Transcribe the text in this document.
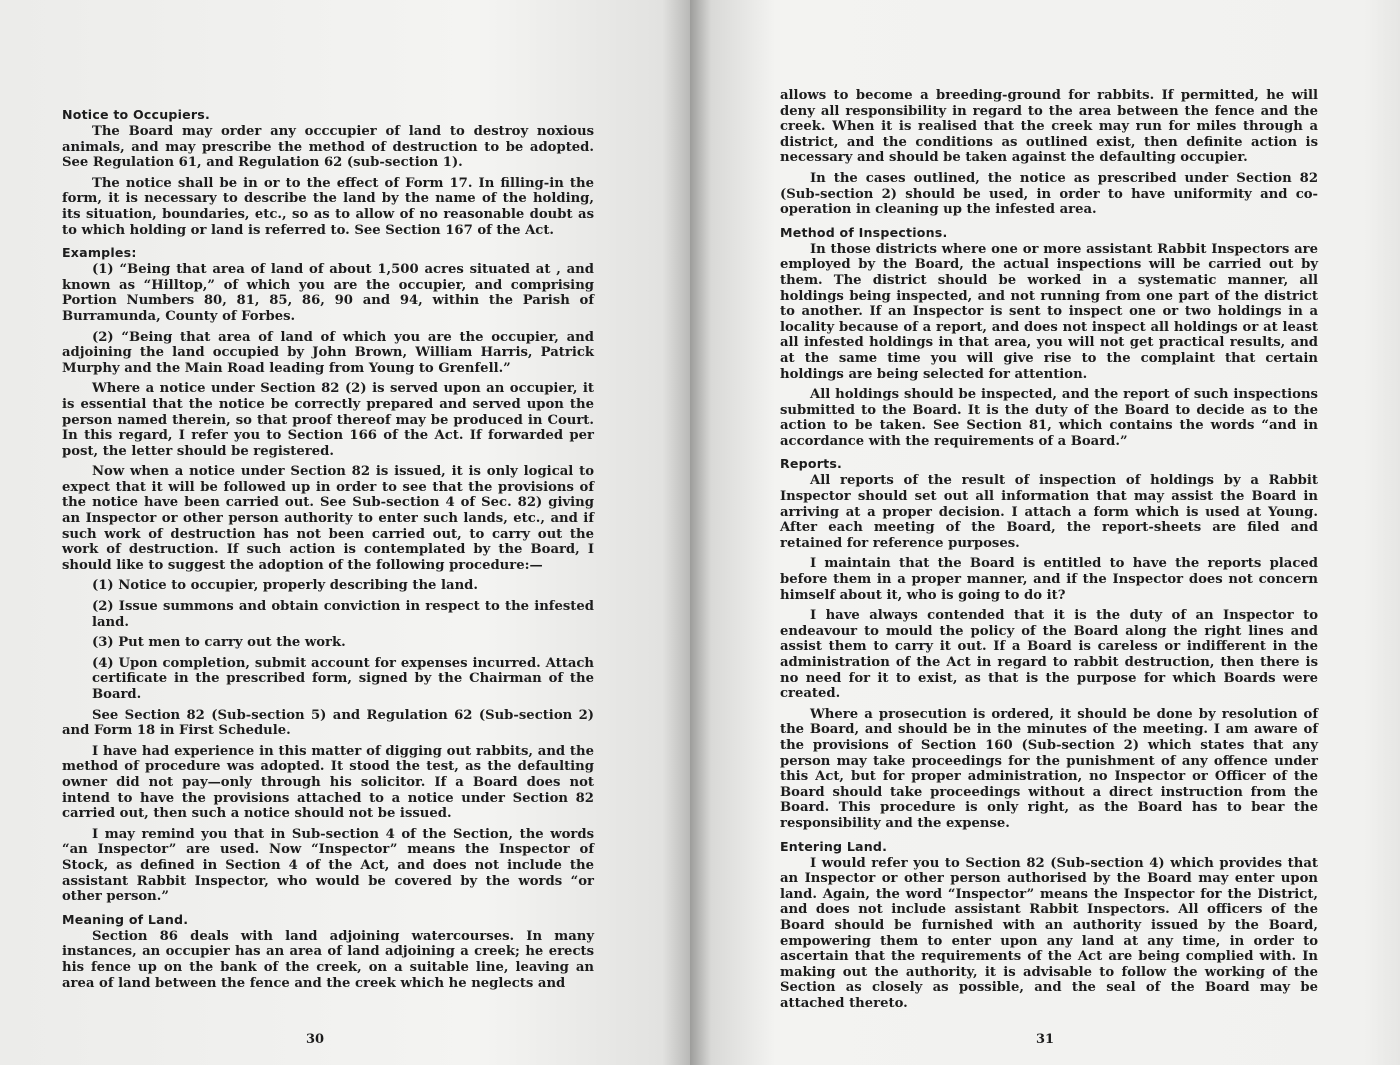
Notice to Occupiers.

The Board may order any occcupier of land to destroy noxious animals, and may prescribe the method of destruction to be adopted. See Regulation 61, and Regulation 62 (sub-section 1).

The notice shall be in or to the effect of Form 17. In filling-in the form, it is necessary to describe the land by the name of the holding, its situation, boundaries, etc., so as to allow of no reasonable doubt as to which holding or land is referred to. See Section 167 of the Act.

Examples:

(1) “Being that area of land of about 1,500 acres situated at , and known as “Hilltop,” of which you are the occupier, and comprising Portion Numbers 80, 81, 85, 86, 90 and 94, within the Parish of Burramunda, County of Forbes.

(2) “Being that area of land of which you are the occupier, and adjoining the land occupied by John Brown, William Harris, Patrick Murphy and the Main Road leading from Young to Grenfell.”

Where a notice under Section 82 (2) is served upon an occupier, it is essential that the notice be correctly prepared and served upon the person named therein, so that proof thereof may be produced in Court. In this regard, I refer you to Section 166 of the Act. If forwarded per post, the letter should be registered.

Now when a notice under Section 82 is issued, it is only logical to expect that it will be followed up in order to see that the provisions of the notice have been carried out. See Sub-section 4 of Sec. 82) giving an Inspector or other person authority to enter such lands, etc., and if such work of destruction has not been carried out, to carry out the work of destruction. If such action is contemplated by the Board, I should like to suggest the adoption of the following procedure:—

(1) Notice to occupier, properly describing the land.
(2) Issue summons and obtain conviction in respect to the infested land.
(3) Put men to carry out the work.
(4) Upon completion, submit account for expenses incurred. Attach certificate in the prescribed form, signed by the Chairman of the Board.

See Section 82 (Sub-section 5) and Regulation 62 (Sub-section 2) and Form 18 in First Schedule.

I have had experience in this matter of digging out rabbits, and the method of procedure was adopted. It stood the test, as the defaulting owner did not pay—only through his solicitor. If a Board does not intend to have the provisions attached to a notice under Section 82 carried out, then such a notice should not be issued.

I may remind you that in Sub-section 4 of the Section, the words “an Inspector” are used. Now “Inspector” means the Inspector of Stock, as defined in Section 4 of the Act, and does not include the assistant Rabbit Inspector, who would be covered by the words “or other person.”

Meaning of Land.

Section 86 deals with land adjoining watercourses. In many instances, an occupier has an area of land adjoining a creek; he erects his fence up on the bank of the creek, on a suitable line, leaving an area of land between the fence and the creek which he neglects and

30

allows to become a breeding-ground for rabbits. If permitted, he will deny all responsibility in regard to the area between the fence and the creek. When it is realised that the creek may run for miles through a district, and the conditions as outlined exist, then definite action is necessary and should be taken against the defaulting occupier.

In the cases outlined, the notice as prescribed under Section 82 (Sub-section 2) should be used, in order to have uniformity and co-operation in cleaning up the infested area.

Method of Inspections.

In those districts where one or more assistant Rabbit Inspectors are employed by the Board, the actual inspections will be carried out by them. The district should be worked in a systematic manner, all holdings being inspected, and not running from one part of the district to another. If an Inspector is sent to inspect one or two holdings in a locality because of a report, and does not inspect all holdings or at least all infested holdings in that area, you will not get practical results, and at the same time you will give rise to the complaint that certain holdings are being selected for attention.

All holdings should be inspected, and the report of such inspections submitted to the Board. It is the duty of the Board to decide as to the action to be taken. See Section 81, which contains the words “and in accordance with the requirements of a Board.”

Reports.

All reports of the result of inspection of holdings by a Rabbit Inspector should set out all information that may assist the Board in arriving at a proper decision. I attach a form which is used at Young. After each meeting of the Board, the report-sheets are filed and retained for reference purposes.

I maintain that the Board is entitled to have the reports placed before them in a proper manner, and if the Inspector does not concern himself about it, who is going to do it?

I have always contended that it is the duty of an Inspector to endeavour to mould the policy of the Board along the right lines and assist them to carry it out. If a Board is careless or indifferent in the administration of the Act in regard to rabbit destruction, then there is no need for it to exist, as that is the purpose for which Boards were created.

Where a prosecution is ordered, it should be done by resolution of the Board, and should be in the minutes of the meeting. I am aware of the provisions of Section 160 (Sub-section 2) which states that any person may take proceedings for the punishment of any offence under this Act, but for proper administration, no Inspector or Officer of the Board should take proceedings without a direct instruction from the Board. This procedure is only right, as the Board has to bear the responsibility and the expense.

Entering Land.

I would refer you to Section 82 (Sub-section 4) which provides that an Inspector or other person authorised by the Board may enter upon land. Again, the word “Inspector” means the Inspector for the District, and does not include assistant Rabbit Inspectors. All officers of the Board should be furnished with an authority issued by the Board, empowering them to enter upon any land at any time, in order to ascertain that the requirements of the Act are being complied with. In making out the authority, it is advisable to follow the working of the Section as closely as possible, and the seal of the Board may be attached thereto.

31
